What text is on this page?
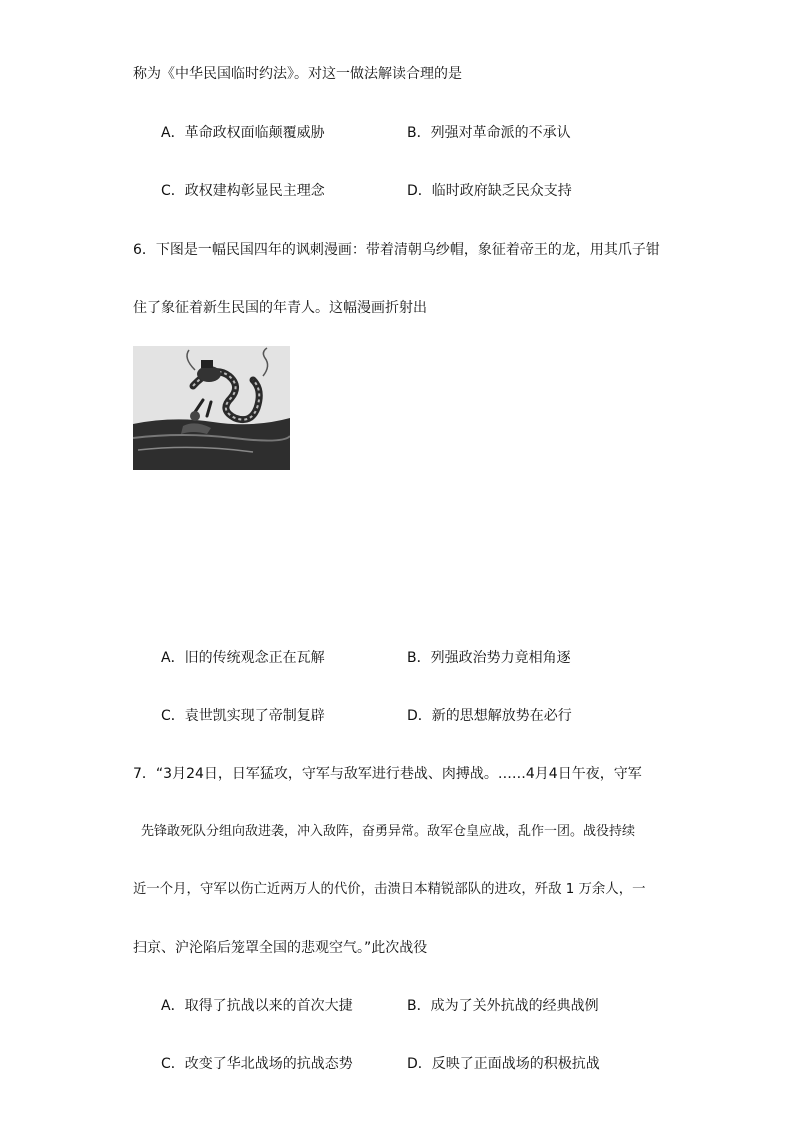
称为《中华民国临时约法》。对这一做法解读合理的是
A．革命政权面临颠覆威胁	B．列强对革命派的不承认
C．政权建构彰显民主理念	D．临时政府缺乏民众支持
6．下图是一幅民国四年的讽刺漫画：带着清朝乌纱帽，象征着帝王的龙，用其爪子钳
住了象征着新生民国的年青人。这幅漫画折射出
A．旧的传统观念正在瓦解	B．列强政治势力竟相角逐
C．袁世凯实现了帝制复辟	D．新的思想解放势在必行
7．“3月24日，日军猛攻，守军与敌军进行巷战、肉搏战。……4月4日午夜，守军
先锋敢死队分组向敌进袭，冲入敌阵，奋勇异常。敌军仓皇应战，乱作一团。战役持续
近一个月，守军以伤亡近两万人的代价，击溃日本精锐部队的进攻，歼敌 1 万余人，一
扫京、沪沦陷后笼罩全国的悲观空气。”此次战役
A．取得了抗战以来的首次大捷	B．成为了关外抗战的经典战例
C．改变了华北战场的抗战态势	D．反映了正面战场的积极抗战
